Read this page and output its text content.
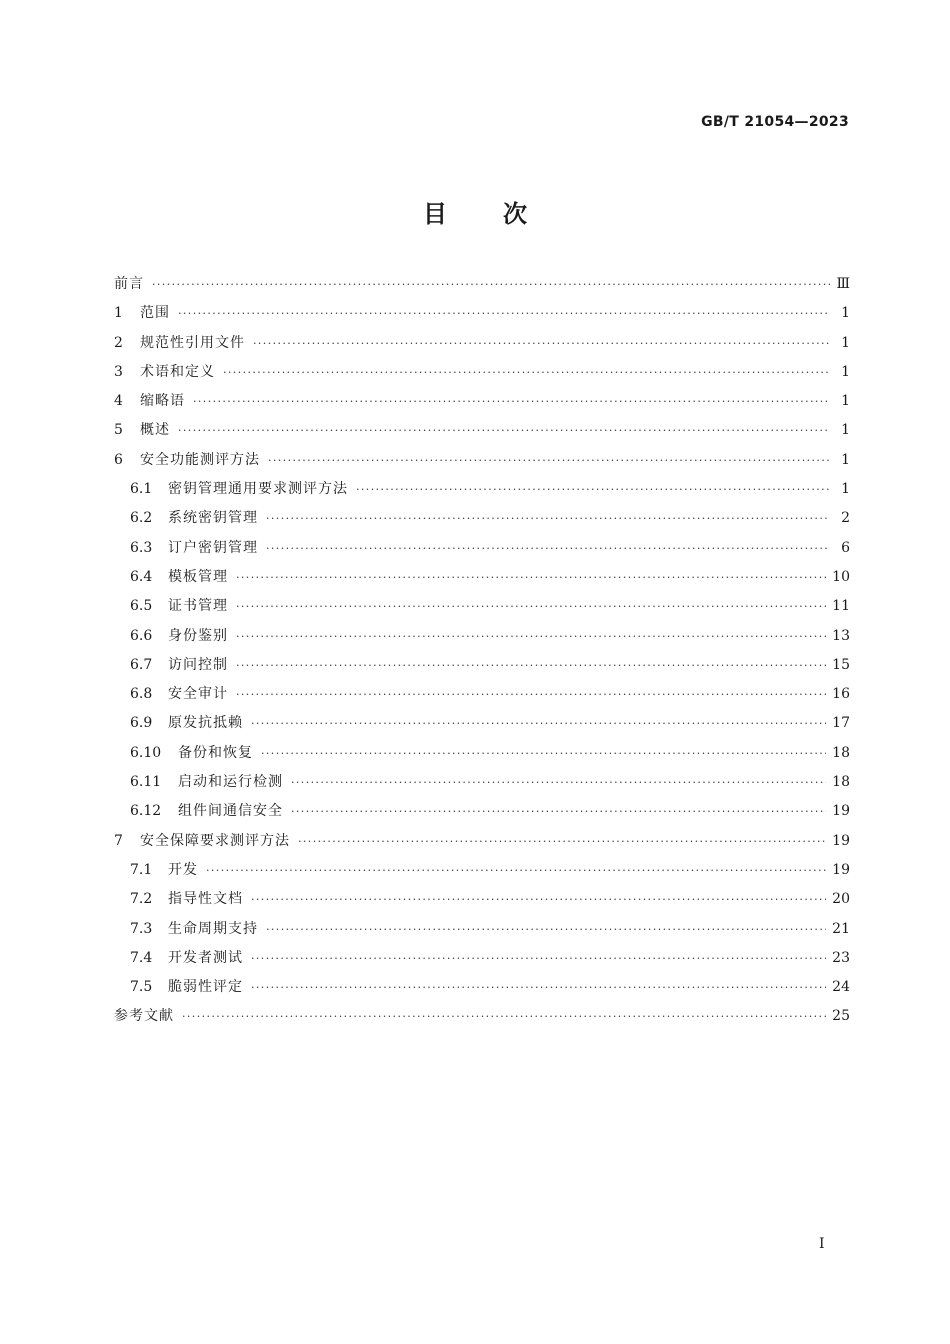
GB/T 21054—2023
目 次
前言 ·····	Ⅲ
1	范围 ·····	1
2	规范性引用文件 ·····	1
3	术语和定义 ·····	1
4	缩略语 ·····	1
5	概述 ·····	1
6	安全功能测评方法 ·····	1
6.1	密钥管理通用要求测评方法 ·····	1
6.2	系统密钥管理 ·····	2
6.3	订户密钥管理 ·····	6
6.4	模板管理 ·····	10
6.5	证书管理 ·····	11
6.6	身份鉴别 ·····	13
6.7	访问控制 ·····	15
6.8	安全审计 ·····	16
6.9	原发抗抵赖 ·····	17
6.10	备份和恢复 ·····	18
6.11	启动和运行检测 ·····	18
6.12	组件间通信安全 ·····	19
7	安全保障要求测评方法 ·····	19
7.1	开发 ·····	19
7.2	指导性文档 ·····	20
7.3	生命周期支持 ·····	21
7.4	开发者测试 ·····	23
7.5	脆弱性评定 ·····	24
参考文献 ·····	25
I
